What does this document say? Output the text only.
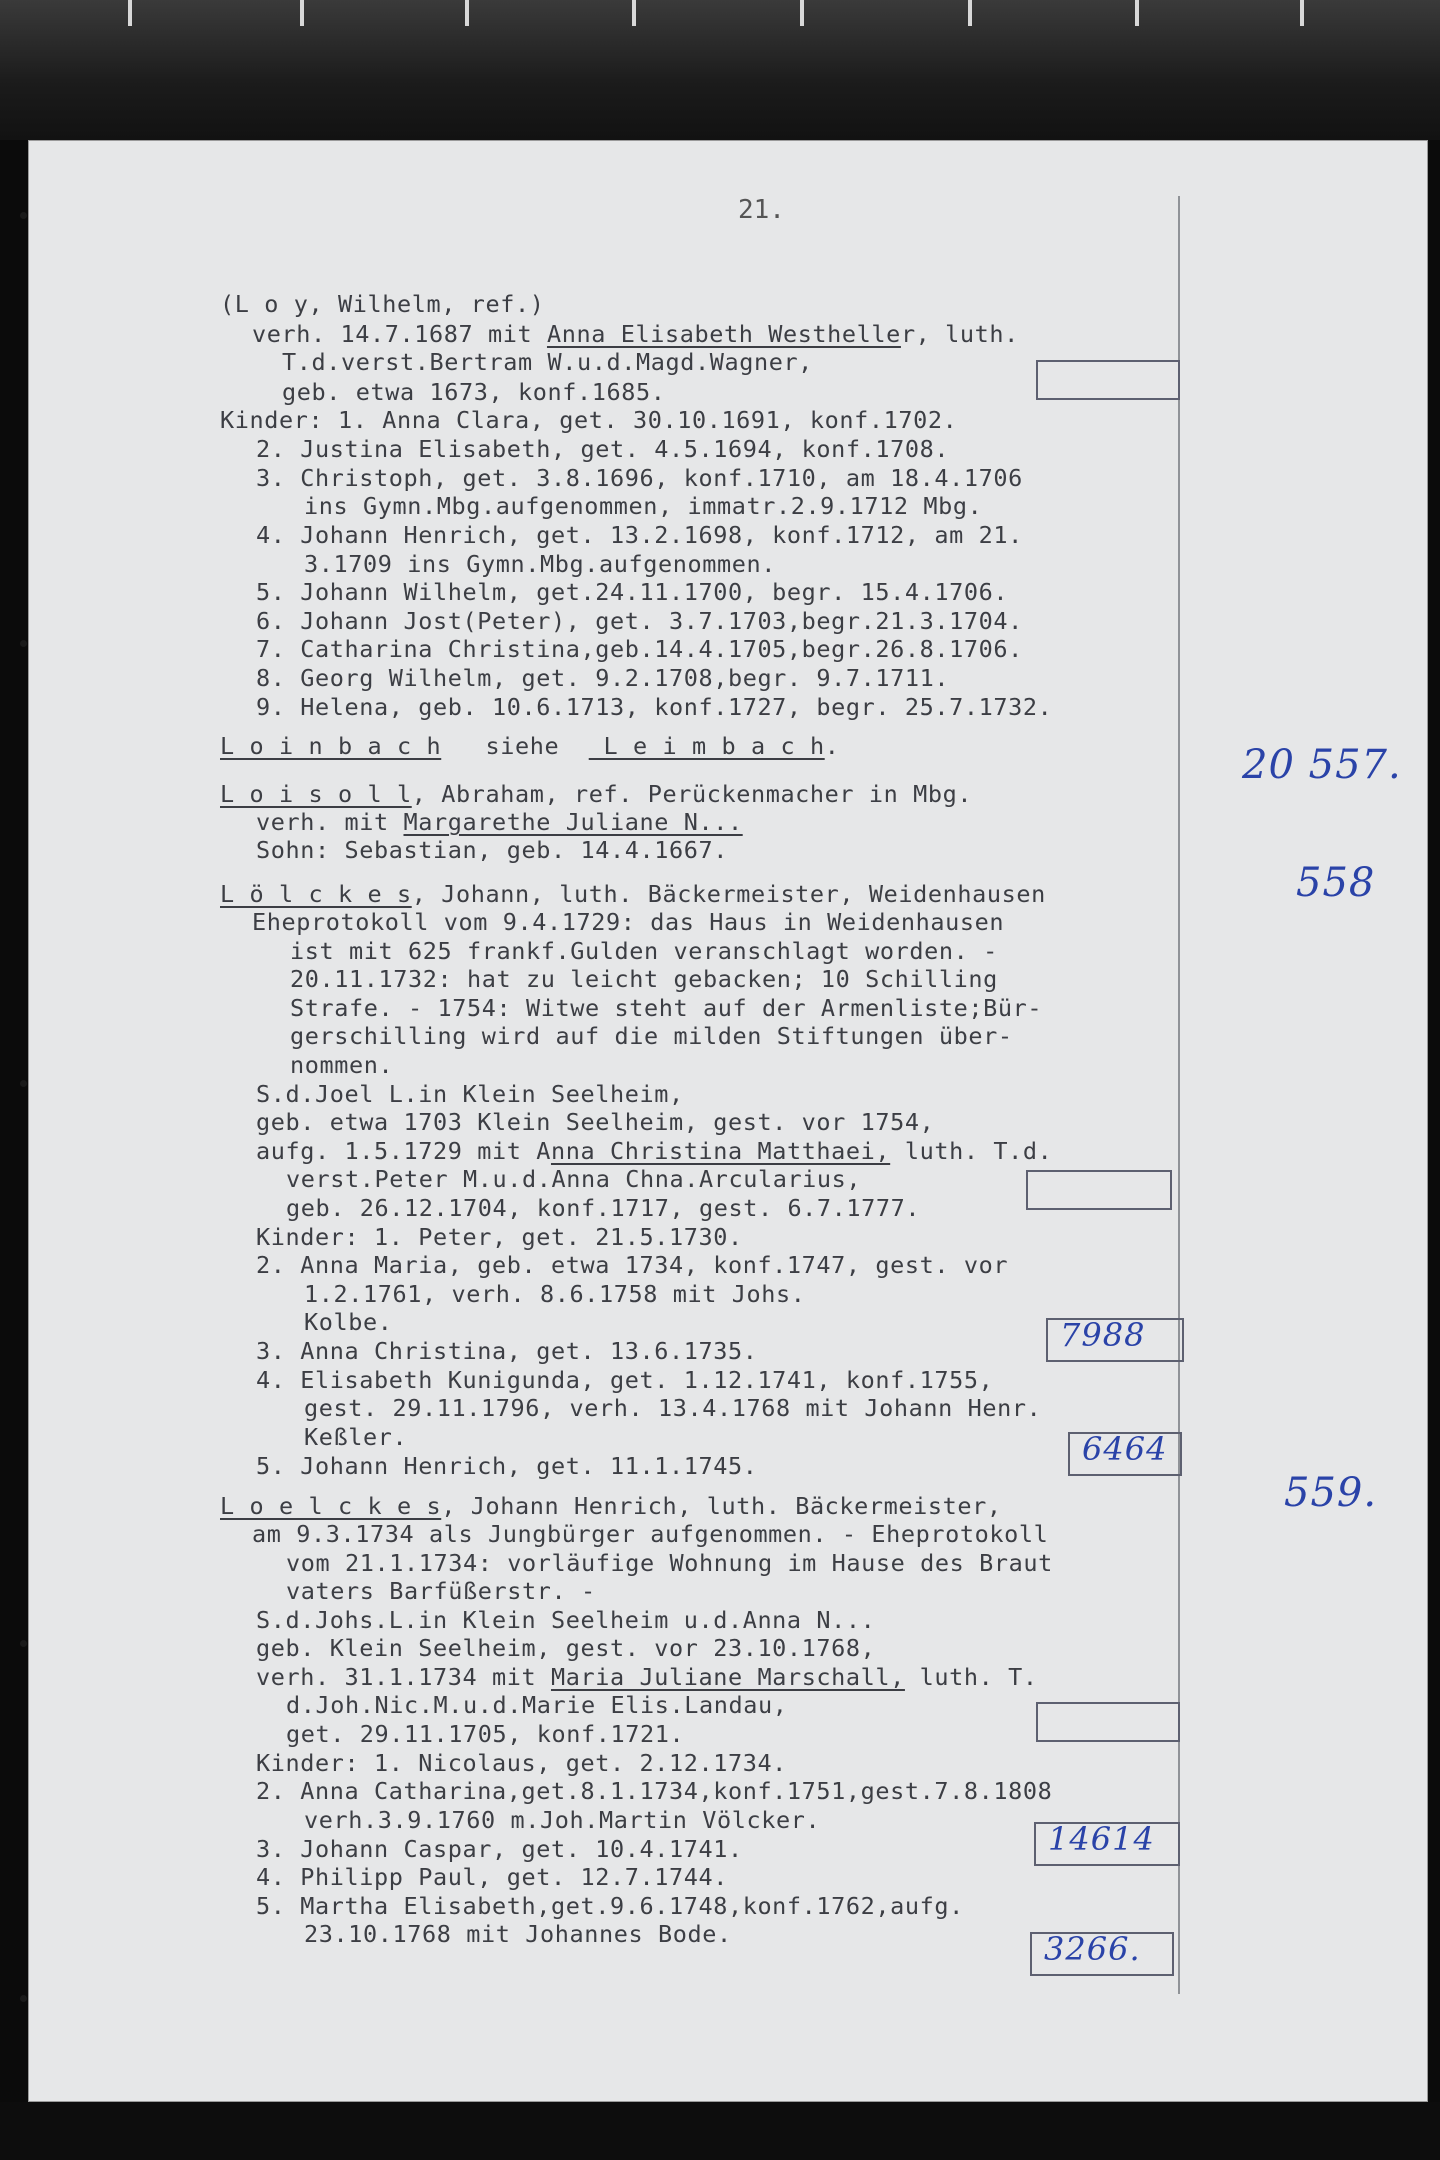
21.
(L o y, Wilhelm, ref.)
verh. 14.7.1687 mit Anna Elisabeth Westheller, luth.
T.d.verst.Bertram W.u.d.Magd.Wagner,
geb. etwa 1673, konf.1685.
Kinder: 1. Anna Clara, get. 30.10.1691, konf.1702.
2. Justina Elisabeth, get. 4.5.1694, konf.1708.
3. Christoph, get. 3.8.1696, konf.1710, am 18.4.1706
ins Gymn.Mbg.aufgenommen, immatr.2.9.1712 Mbg.
4. Johann Henrich, get. 13.2.1698, konf.1712, am 21.
3.1709 ins Gymn.Mbg.aufgenommen.
5. Johann Wilhelm, get.24.11.1700, begr. 15.4.1706.
6. Johann Jost(Peter), get. 3.7.1703,begr.21.3.1704.
7. Catharina Christina,geb.14.4.1705,begr.26.8.1706.
8. Georg Wilhelm, get. 9.2.1708,begr. 9.7.1711.
9. Helena, geb. 10.6.1713, konf.1727, begr. 25.7.1732.
L o i n b a c h   siehe   L e i m b a c h.
L o i s o l l, Abraham, ref. Perückenmacher in Mbg.
verh. mit Margarethe Juliane N...
Sohn: Sebastian, geb. 14.4.1667.
L ö l c k e s, Johann, luth. Bäckermeister, Weidenhausen
Eheprotokoll vom 9.4.1729: das Haus in Weidenhausen
ist mit 625 frankf.Gulden veranschlagt worden. -
20.11.1732: hat zu leicht gebacken; 10 Schilling
Strafe. - 1754: Witwe steht auf der Armenliste;Bür-
gerschilling wird auf die milden Stiftungen über-
nommen.
S.d.Joel L.in Klein Seelheim,
geb. etwa 1703 Klein Seelheim, gest. vor 1754,
aufg. 1.5.1729 mit Anna Christina Matthaei, luth. T.d.
verst.Peter M.u.d.Anna Chna.Arcularius,
geb. 26.12.1704, konf.1717, gest. 6.7.1777.
Kinder: 1. Peter, get. 21.5.1730.
2. Anna Maria, geb. etwa 1734, konf.1747, gest. vor
1.2.1761, verh. 8.6.1758 mit Johs.
Kolbe.
3. Anna Christina, get. 13.6.1735.
4. Elisabeth Kunigunda, get. 1.12.1741, konf.1755,
gest. 29.11.1796, verh. 13.4.1768 mit Johann Henr.
Keßler.
5. Johann Henrich, get. 11.1.1745.
L o e l c k e s, Johann Henrich, luth. Bäckermeister,
am 9.3.1734 als Jungbürger aufgenommen. - Eheprotokoll
vom 21.1.1734: vorläufige Wohnung im Hause des Braut
vaters Barfüßerstr. -
S.d.Johs.L.in Klein Seelheim u.d.Anna N...
geb. Klein Seelheim, gest. vor 23.10.1768,
verh. 31.1.1734 mit Maria Juliane Marschall, luth. T.
d.Joh.Nic.M.u.d.Marie Elis.Landau,
get. 29.11.1705, konf.1721.
Kinder: 1. Nicolaus, get. 2.12.1734.
2. Anna Catharina,get.8.1.1734,konf.1751,gest.7.8.1808
verh.3.9.1760 m.Joh.Martin Völcker.
3. Johann Caspar, get. 10.4.1741.
4. Philipp Paul, get. 12.7.1744.
5. Martha Elisabeth,get.9.6.1748,konf.1762,aufg.
23.10.1768 mit Johannes Bode.
20 557.
558
559.
7988
6464
14614
3266.
